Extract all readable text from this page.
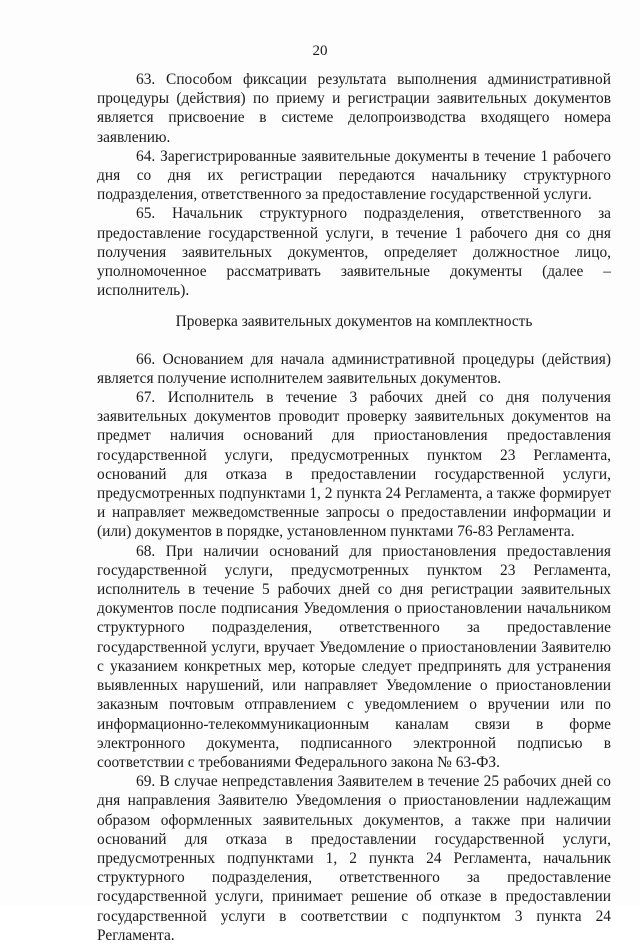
20

63. Способом фиксации результата выполнения административной процедуры (действия) по приему и регистрации заявительных документов является присвоение в системе делопроизводства входящего номера заявлению.

64. Зарегистрированные заявительные документы в течение 1 рабочего дня со дня их регистрации передаются начальнику структурного подразделения, ответственного за предоставление государственной услуги.

65. Начальник структурного подразделения, ответственного за предоставление государственной услуги, в течение 1 рабочего дня со дня получения заявительных документов, определяет должностное лицо, уполномоченное рассматривать заявительные документы (далее – исполнитель).

Проверка заявительных документов на комплектность

66. Основанием для начала административной процедуры (действия) является получение исполнителем заявительных документов.

67. Исполнитель в течение 3 рабочих дней со дня получения заявительных документов проводит проверку заявительных документов на предмет наличия оснований для приостановления предоставления государственной услуги, предусмотренных пунктом 23 Регламента, оснований для отказа в предоставлении государственной услуги, предусмотренных подпунктами 1, 2 пункта 24 Регламента, а также формирует и направляет межведомственные запросы о предоставлении информации и (или) документов в порядке, установленном пунктами 76-83 Регламента.

68. При наличии оснований для приостановления предоставления государственной услуги, предусмотренных пунктом 23 Регламента, исполнитель в течение 5 рабочих дней со дня регистрации заявительных документов после подписания Уведомления о приостановлении начальником структурного подразделения, ответственного за предоставление государственной услуги, вручает Уведомление о приостановлении Заявителю с указанием конкретных мер, которые следует предпринять для устранения выявленных нарушений, или направляет Уведомление о приостановлении заказным почтовым отправлением с уведомлением о вручении или по информационно-телекоммуникационным каналам связи в форме электронного документа, подписанного электронной подписью в соответствии с требованиями Федерального закона № 63-ФЗ.

69. В случае непредставления Заявителем в течение 25 рабочих дней со дня направления Заявителю Уведомления о приостановлении надлежащим образом оформленных заявительных документов, а также при наличии оснований для отказа в предоставлении государственной услуги, предусмотренных подпунктами 1, 2 пункта 24 Регламента, начальник структурного подразделения, ответственного за предоставление государственной услуги, принимает решение об отказе в предоставлении государственной услуги в соответствии с подпунктом 3 пункта 24 Регламента.
